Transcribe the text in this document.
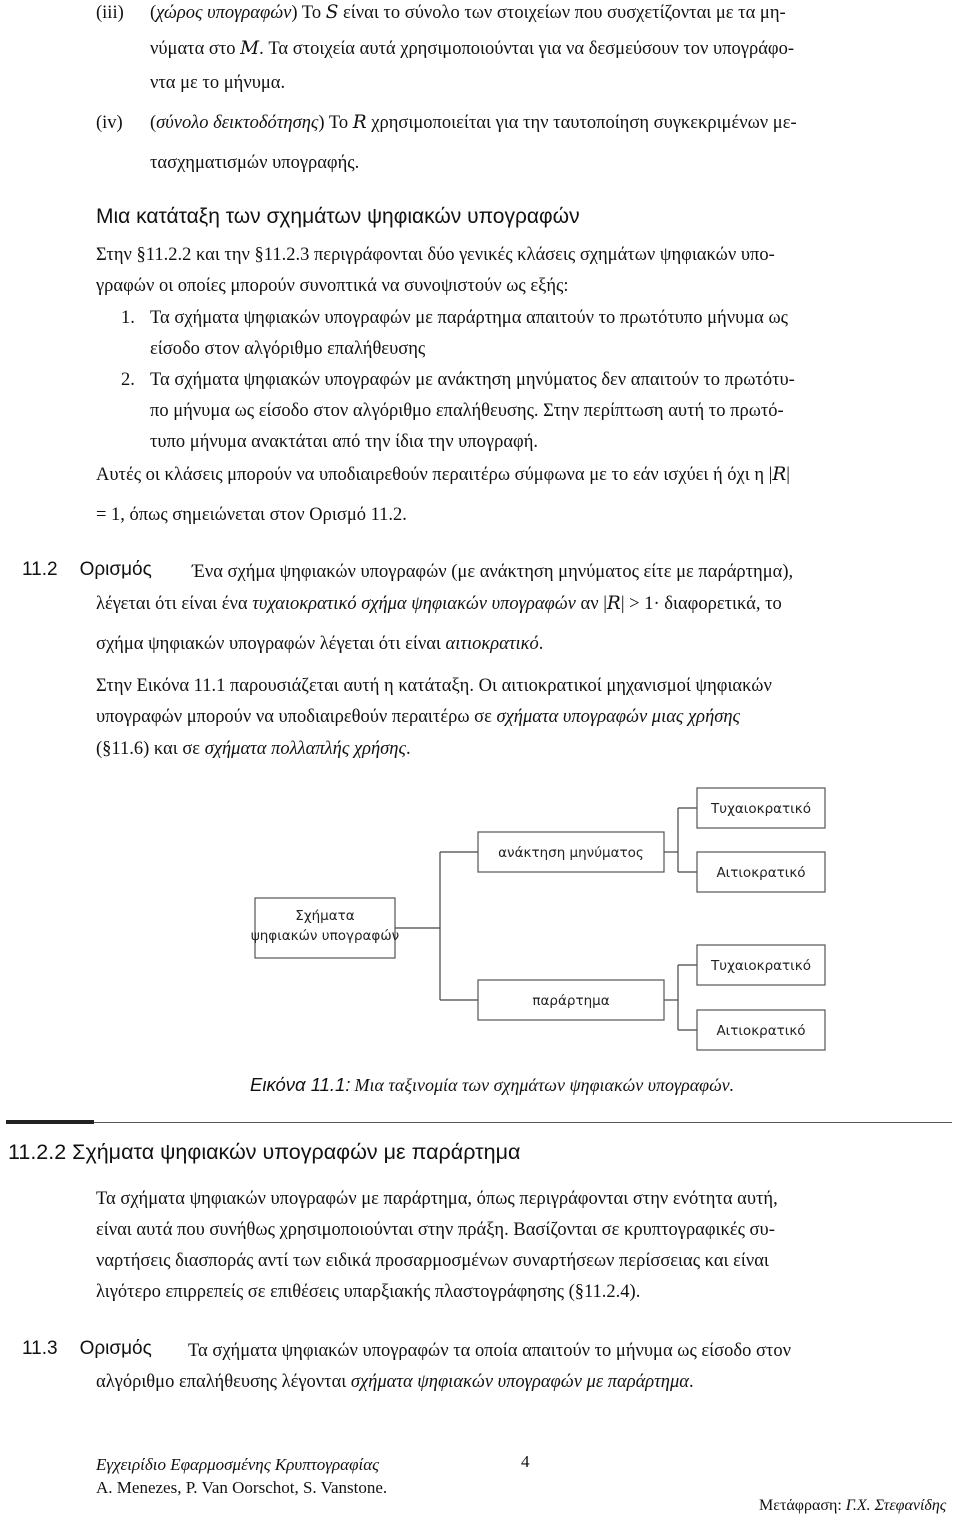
(iii) (χώρος υπογραφών) Το S είναι το σύνολο των στοιχείων που συσχετίζονται με τα μη-
νύματα στο M. Τα στοιχεία αυτά χρησιμοποιούνται για να δεσμεύσουν τον υπογράφο-
ντα με το μήνυμα.
(iv) (σύνολο δεικτοδότησης) Το R χρησιμοποιείται για την ταυτοποίηση συγκεκριμένων με-
τασχηματισμών υπογραφής.
Μια κατάταξη των σχημάτων ψηφιακών υπογραφών
Στην §11.2.2 και την §11.2.3 περιγράφονται δύο γενικές κλάσεις σχημάτων ψηφιακών υπο-
γραφών οι οποίες μπορούν συνοπτικά να συνοψιστούν ως εξής:
1. Τα σχήματα ψηφιακών υπογραφών με παράρτημα απαιτούν το πρωτότυπο μήνυμα ως
είσοδο στον αλγόριθμο επαλήθευσης
2. Τα σχήματα ψηφιακών υπογραφών με ανάκτηση μηνύματος δεν απαιτούν το πρωτότυ-
πο μήνυμα ως είσοδο στον αλγόριθμο επαλήθευσης. Στην περίπτωση αυτή το πρωτό-
τυπο μήνυμα ανακτάται από την ίδια την υπογραφή.
Αυτές οι κλάσεις μπορούν να υποδιαιρεθούν περαιτέρω σύμφωνα με το εάν ισχύει ή όχι η |R|
= 1, όπως σημειώνεται στον Ορισμό 11.2.
11.2 Ορισμός Ένα σχήμα ψηφιακών υπογραφών (με ανάκτηση μηνύματος είτε με παράρτημα),
λέγεται ότι είναι ένα τυχαιοκρατικό σχήμα ψηφιακών υπογραφών αν |R| > 1· διαφορετικά, το
σχήμα ψηφιακών υπογραφών λέγεται ότι είναι αιτιοκρατικό.
Στην Εικόνα 11.1 παρουσιάζεται αυτή η κατάταξη. Οι αιτιοκρατικοί μηχανισμοί ψηφιακών
υπογραφών μπορούν να υποδιαιρεθούν περαιτέρω σε σχήματα υπογραφών μιας χρήσης
(§11.6) και σε σχήματα πολλαπλής χρήσης.
Σχήματα
ψηφιακών υπογραφών
ανάκτηση μηνύματος
παράρτημα
Τυχαιοκρατικό
Αιτιοκρατικό
Τυχαιοκρατικό
Αιτιοκρατικό
Εικόνα 11.1: Μια ταξινομία των σχημάτων ψηφιακών υπογραφών.
11.2.2 Σχήματα ψηφιακών υπογραφών με παράρτημα
Τα σχήματα ψηφιακών υπογραφών με παράρτημα, όπως περιγράφονται στην ενότητα αυτή,
είναι αυτά που συνήθως χρησιμοποιούνται στην πράξη. Βασίζονται σε κρυπτογραφικές συ-
ναρτήσεις διασποράς αντί των ειδικά προσαρμοσμένων συναρτήσεων περίσσειας και είναι
λιγότερο επιρρεπείς σε επιθέσεις υπαρξιακής πλαστογράφησης (§11.2.4).
11.3 Ορισμός Τα σχήματα ψηφιακών υπογραφών τα οποία απαιτούν το μήνυμα ως είσοδο στον
αλγόριθμο επαλήθευσης λέγονται σχήματα ψηφιακών υπογραφών με παράρτημα.
Εγχειρίδιο Εφαρμοσμένης Κρυπτογραφίας	4
A. Menezes, P. Van Oorschot, S. Vanstone.
Μετάφραση: Γ.Χ. Στεφανίδης
